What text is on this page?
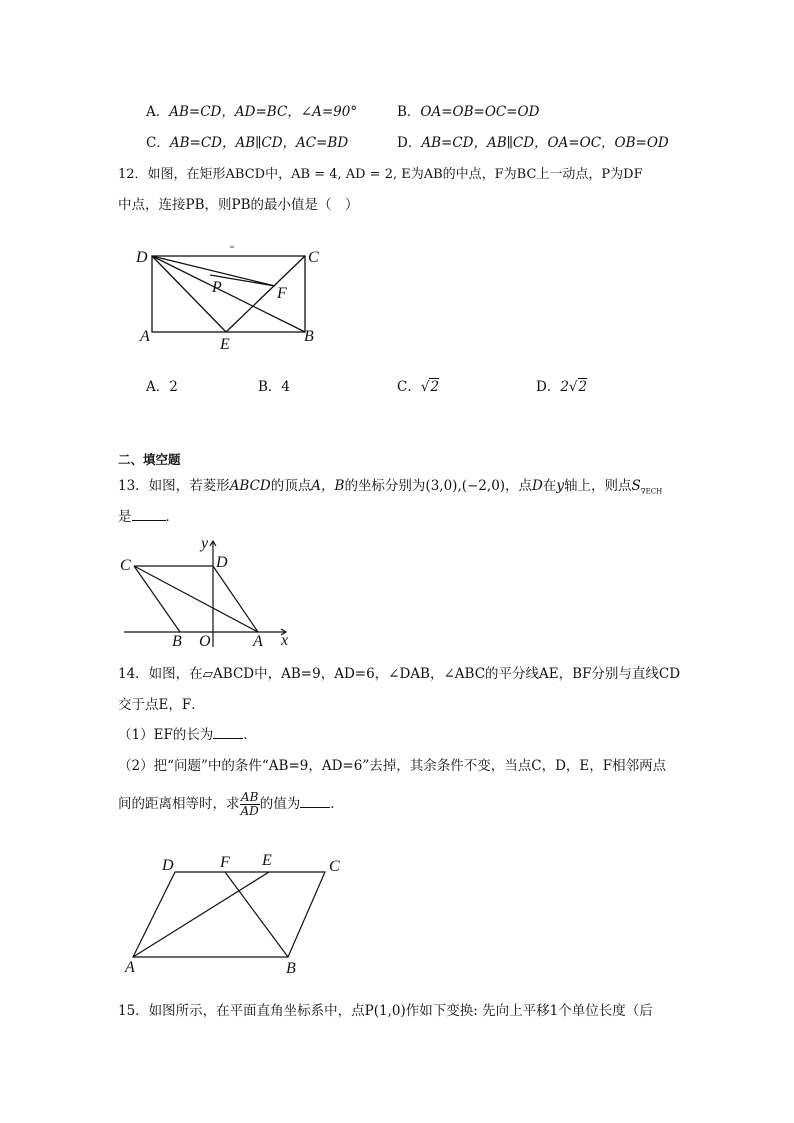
A．AB=CD，AD=BC，∠A=90°	B．OA=OB=OC=OD
C．AB=CD，AB∥CD，AC=BD	D．AB=CD，AB∥CD，OA=OC，OB=OD
12．如图，在矩形ABCD中，AB = 4, AD = 2, E为AB的中点，F为BC上一动点，P为DF
中点，连接PB，则PB的最小值是（　）
D	C
A	B
E
P	F
A．2	B．4	C．√2	D．2√2
二、填空题
13．如图，若菱形ABCD的顶点A，B的坐标分别为(3,0),(−2,0)，点D在y轴上，则点$S_{\nabla ECH}$
是	．
y
C	D
B O	A x
14．如图，在▱ABCD中，AB=9，AD=6，∠DAB，∠ABC的平分线AE，BF分别与直线CD
交于点E，F．
（1）EF的长为 ．
（2）把“问题”中的条件“AB=9，AD=6”去掉，其余条件不变，当点C，D，E，F相邻两点
间的距离相等时，求 $\frac{AB}{AD}$ 的值为 ．
D	F E	C
A	B
15．如图所示，在平面直角坐标系中，点P(1,0)作如下变换: 先向上平移1个单位长度（后
